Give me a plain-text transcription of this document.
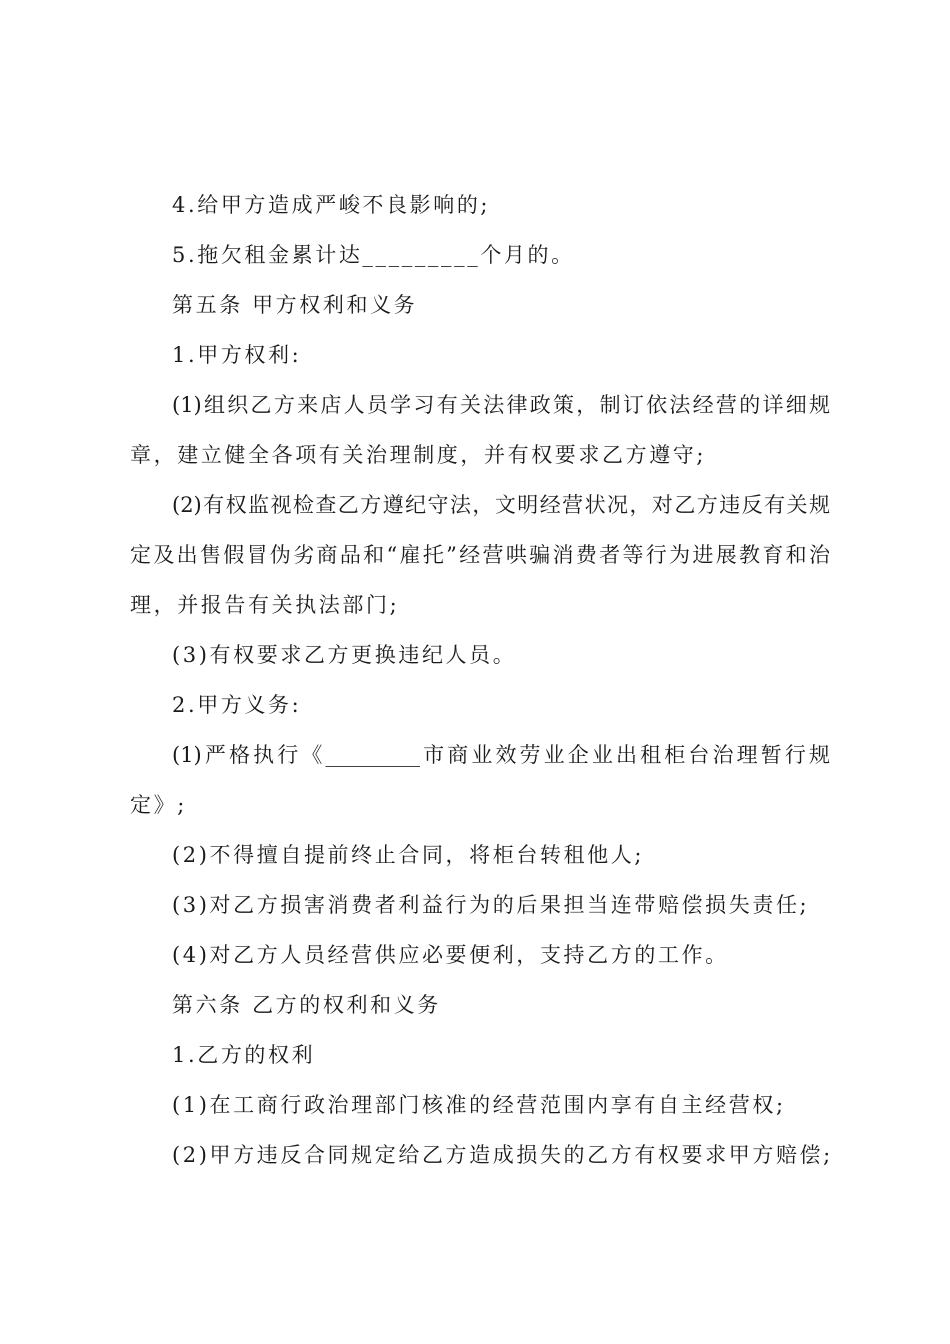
4.给甲方造成严峻不良影响的;
5.拖欠租金累计达_________个月的。
第五条 甲方权利和义务
1.甲方权利:
(1)组织乙方来店人员学习有关法律政策，制订依法经营的详细规
章，建立健全各项有关治理制度，并有权要求乙方遵守;
(2)有权监视检查乙方遵纪守法，文明经营状况，对乙方违反有关规
定及出售假冒伪劣商品和“雇托”经营哄骗消费者等行为进展教育和治
理，并报告有关执法部门;
(3)有权要求乙方更换违纪人员。
2.甲方义务:
(1)严格执行《_________市商业效劳业企业出租柜台治理暂行规
定》;
(2)不得擅自提前终止合同，将柜台转租他人;
(3)对乙方损害消费者利益行为的后果担当连带赔偿损失责任;
(4)对乙方人员经营供应必要便利，支持乙方的工作。
第六条 乙方的权利和义务
1.乙方的权利
(1)在工商行政治理部门核准的经营范围内享有自主经营权;
(2)甲方违反合同规定给乙方造成损失的乙方有权要求甲方赔偿;
